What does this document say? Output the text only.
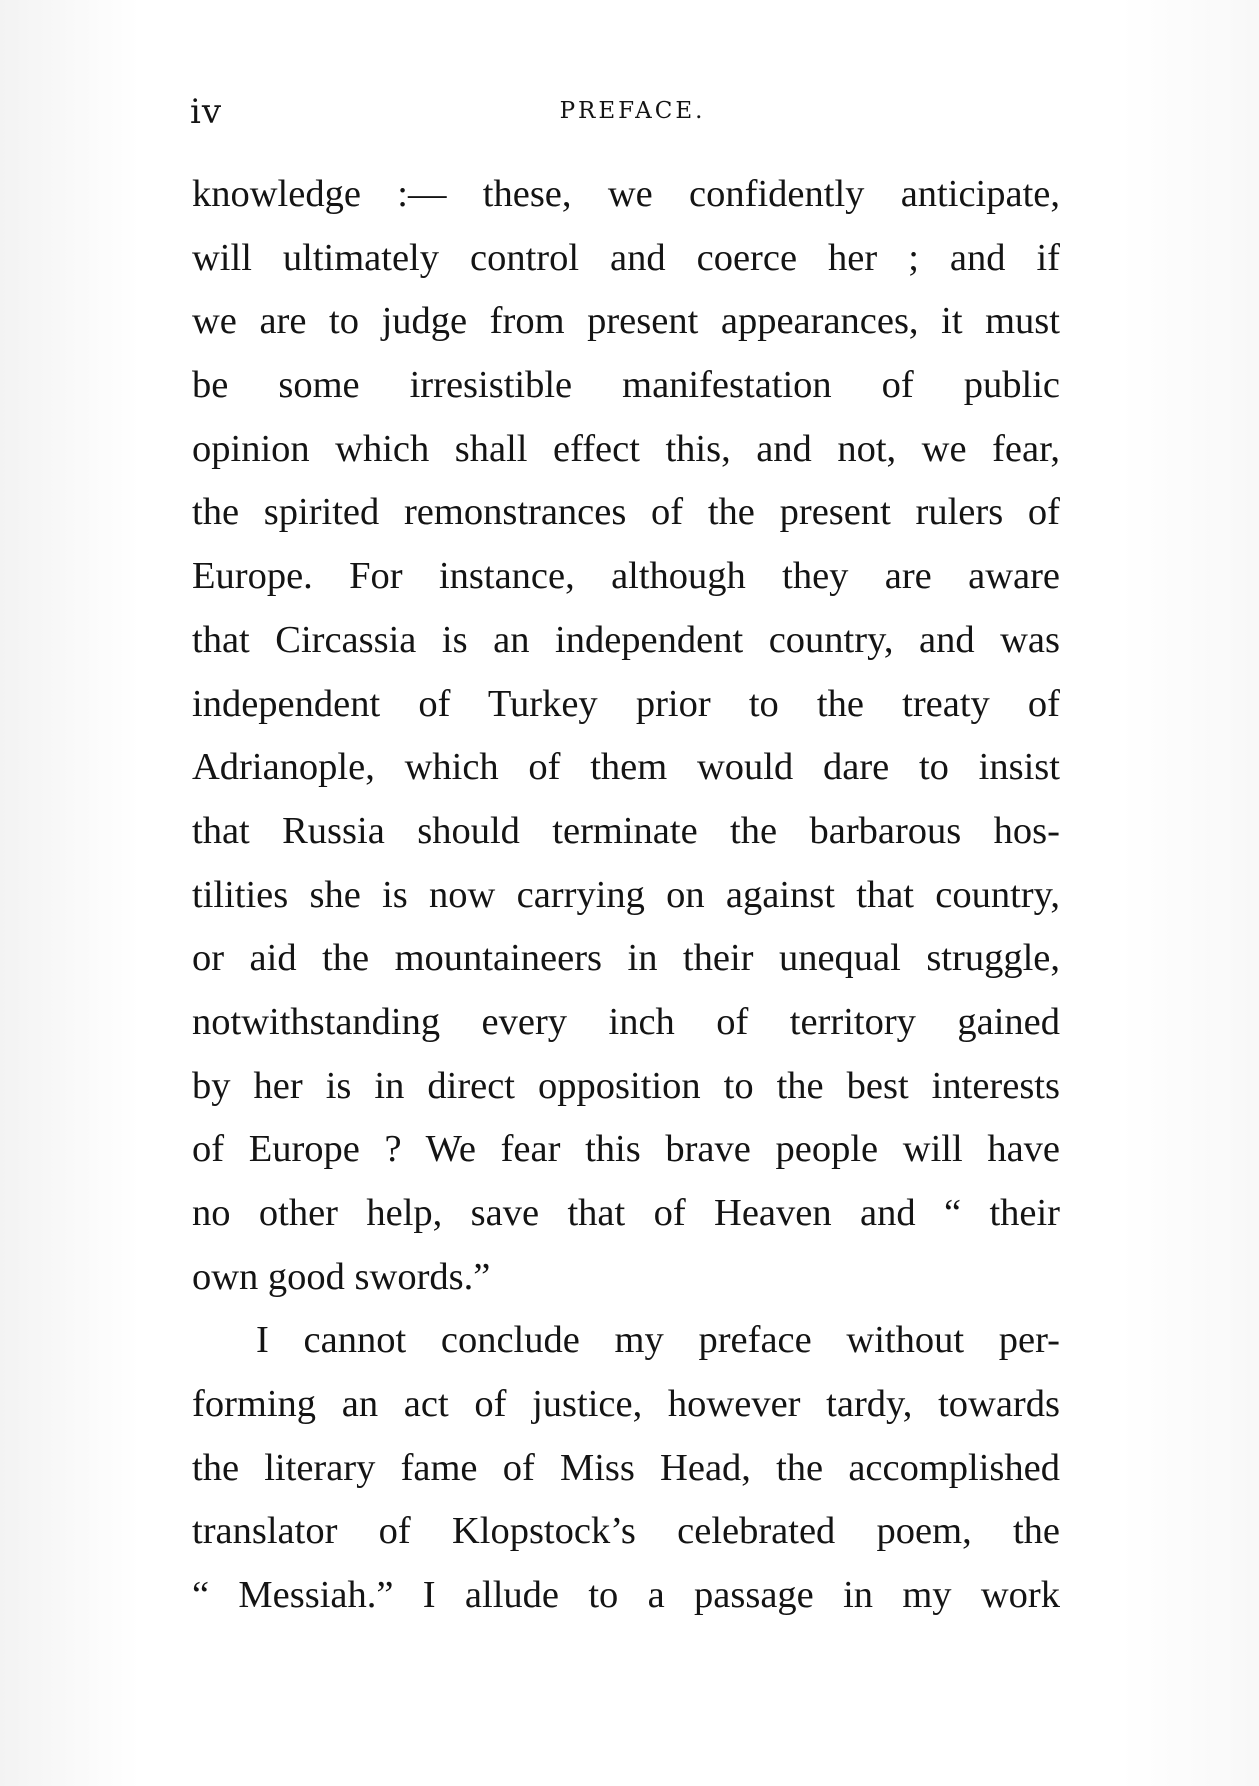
iv	PREFACE.
knowledge :— these, we confidently anticipate,
will ultimately control and coerce her ; and if
we are to judge from present appearances, it must
be some irresistible manifestation of public
opinion which shall effect this, and not, we fear,
the spirited remonstrances of the present rulers of
Europe. For instance, although they are aware
that Circassia is an independent country, and was
independent of Turkey prior to the treaty of
Adrianople, which of them would dare to insist
that Russia should terminate the barbarous hos-
tilities she is now carrying on against that country,
or aid the mountaineers in their unequal struggle,
notwithstanding every inch of territory gained
by her is in direct opposition to the best interests
of Europe ? We fear this brave people will have
no other help, save that of Heaven and “ their
own good swords.”
I cannot conclude my preface without per-
forming an act of justice, however tardy, towards
the literary fame of Miss Head, the accomplished
translator of Klopstock’s celebrated poem, the
“ Messiah.” I allude to a passage in my work
